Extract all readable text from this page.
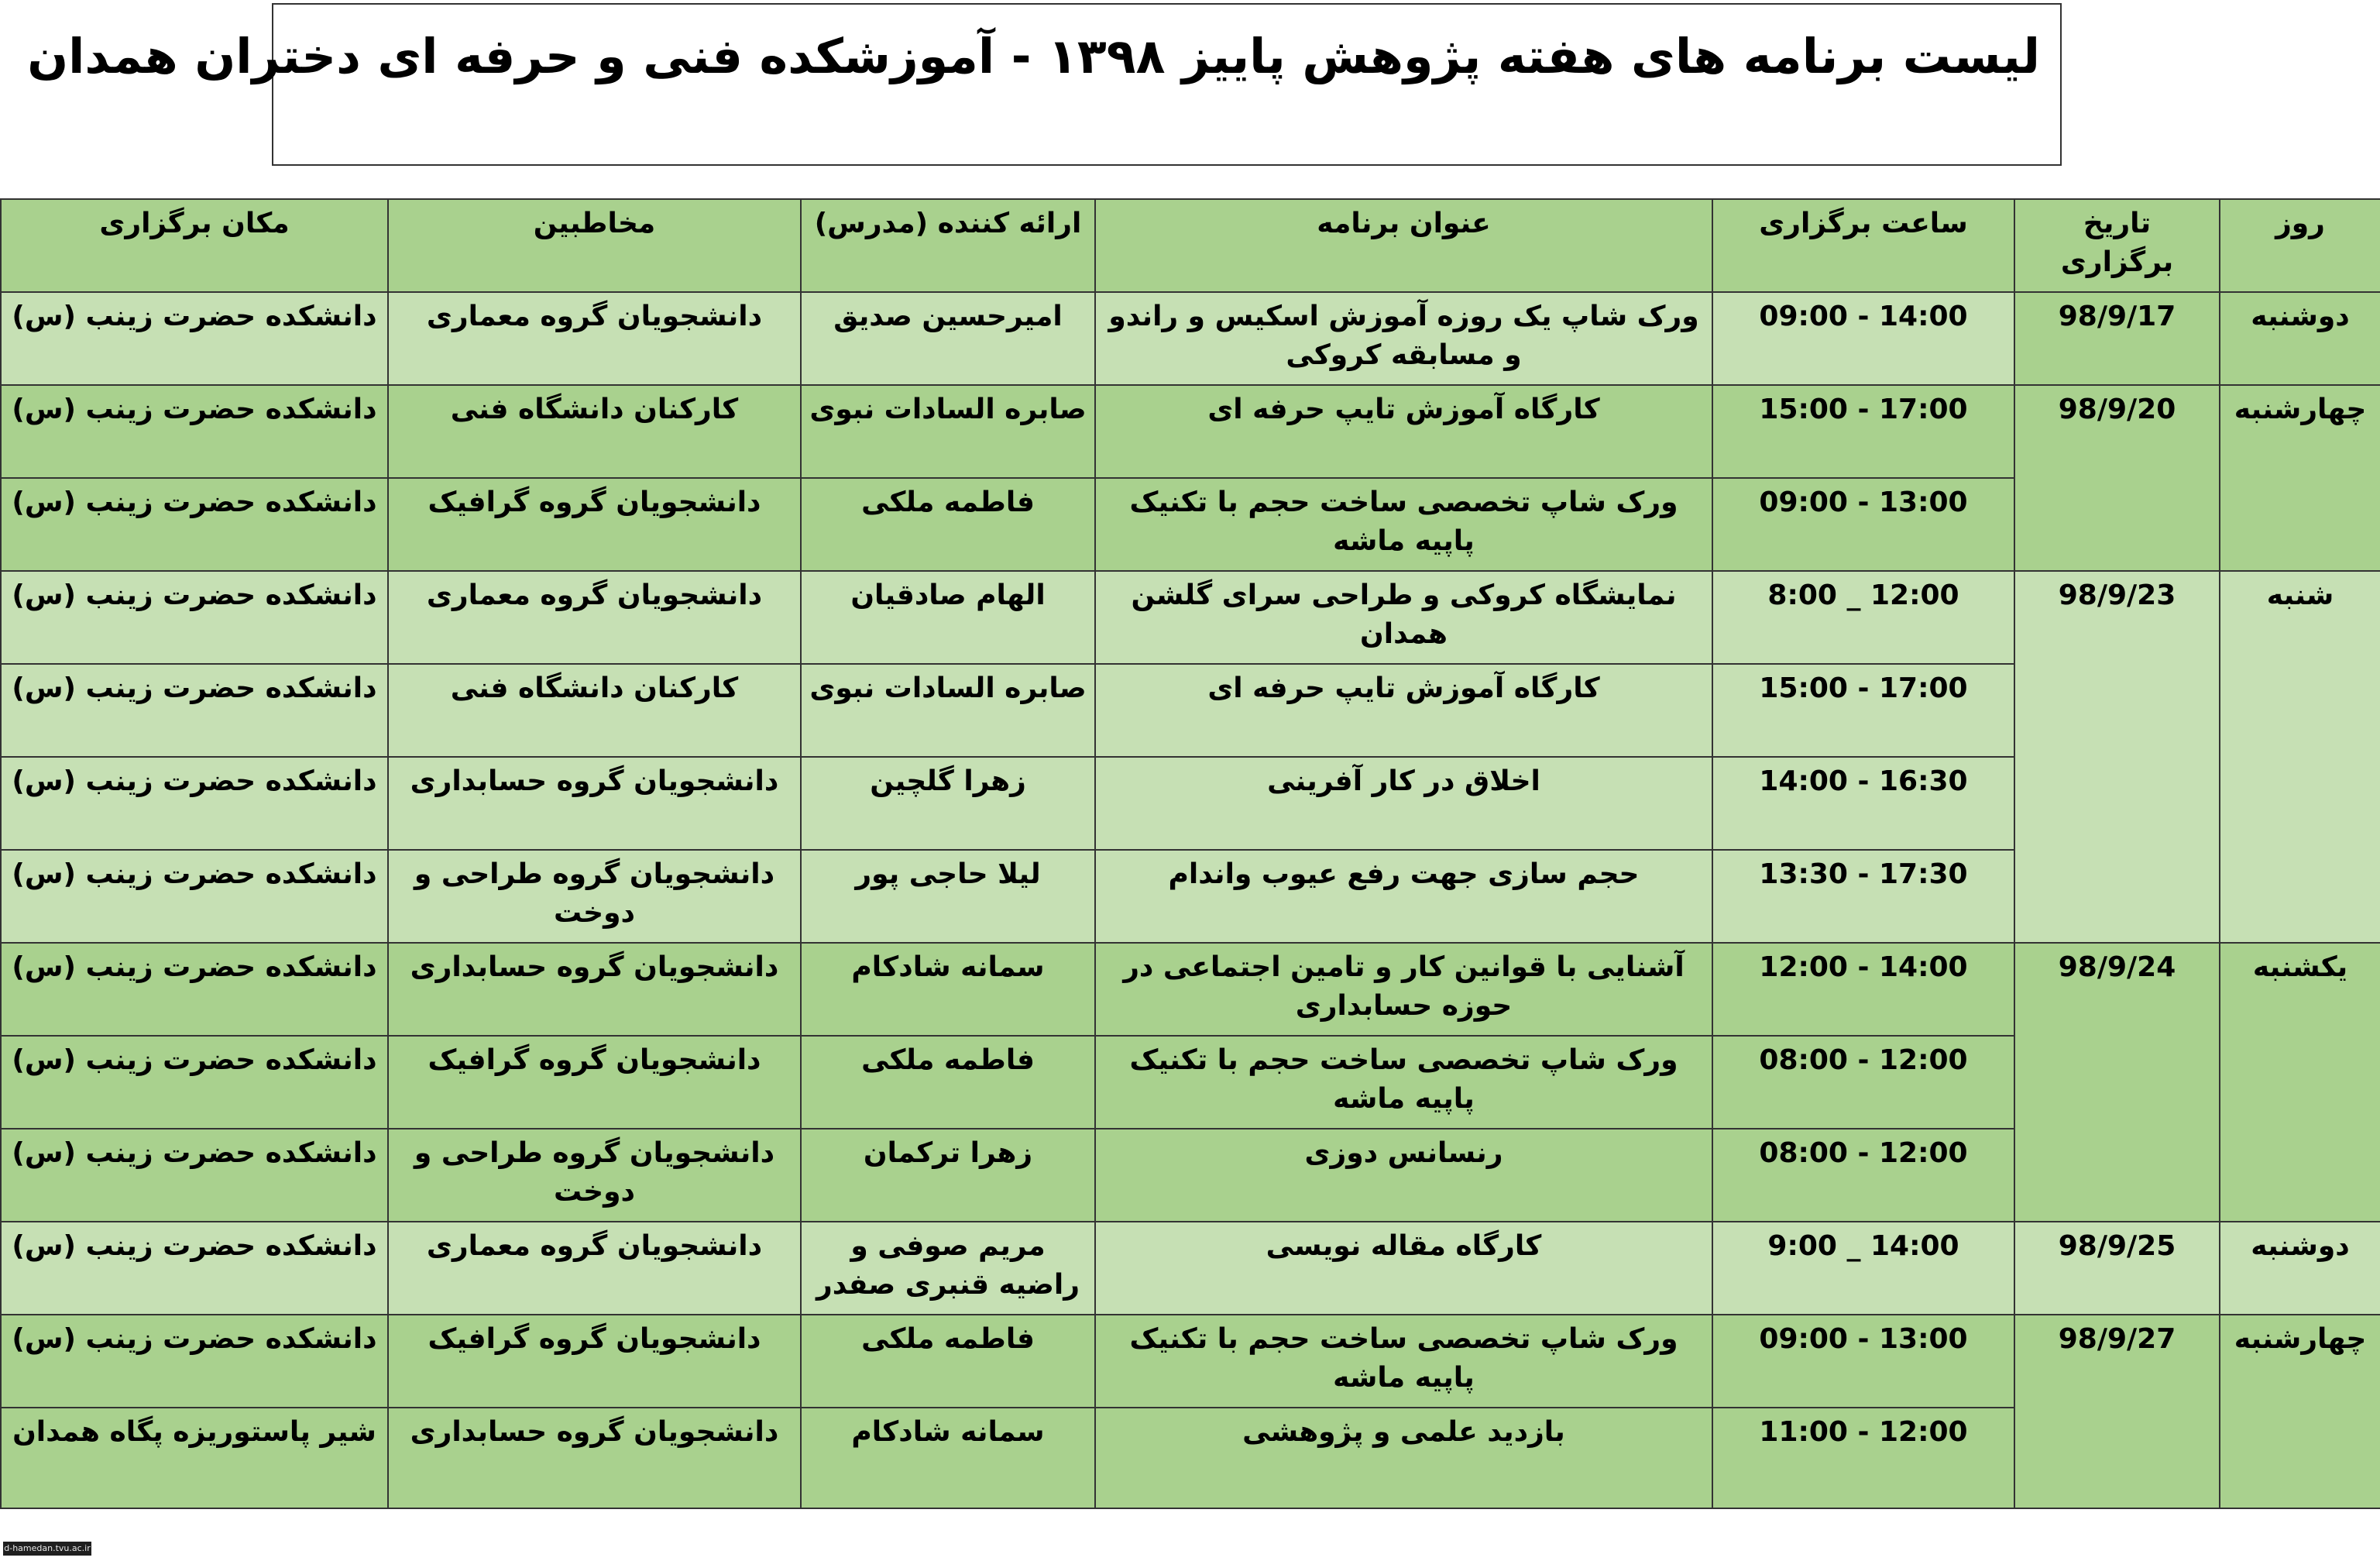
لیست برنامه های هفته پژوهش پاییز ۱۳۹۸ - آموزشکده فنی و حرفه ای دختران همدان
روز	تاریخ برگزاری	ساعت برگزاری	عنوان برنامه	ارائه کننده (مدرس)	مخاطبین	مکان برگزاری
دوشنبه	98/9/17	09:00 - 14:00	ورک شاپ یک روزه آموزش اسکیس و راندو و مسابقه کروکی	امیرحسین صدیق	دانشجویان گروه معماری	دانشکده حضرت زینب (س)
چهارشنبه	98/9/20	15:00 - 17:00	کارگاه آموزش تایپ حرفه ای	صابره السادات نبوی	کارکنان دانشگاه فنی	دانشکده حضرت زینب (س)
		09:00 - 13:00	ورک شاپ تخصصی ساخت حجم با تکنیک پاپیه ماشه	فاطمه ملکی	دانشجویان گروه گرافیک	دانشکده حضرت زینب (س)
شنبه	98/9/23	8:00 _ 12:00	نمایشگاه کروکی و طراحی سرای گلشن همدان	الهام صادقیان	دانشجویان گروه معماری	دانشکده حضرت زینب (س)
		15:00 - 17:00	کارگاه آموزش تایپ حرفه ای	صابره السادات نبوی	کارکنان دانشگاه فنی	دانشکده حضرت زینب (س)
		14:00 - 16:30	اخلاق در کار آفرینی	زهرا گلچین	دانشجویان گروه حسابداری	دانشکده حضرت زینب (س)
		13:30 - 17:30	حجم سازی جهت رفع عیوب واندام	لیلا حاجی پور	دانشجویان گروه طراحی و دوخت	دانشکده حضرت زینب (س)
یکشنبه	98/9/24	12:00 - 14:00	آشنایی با قوانین کار و تامین اجتماعی در حوزه حسابداری	سمانه شادکام	دانشجویان گروه حسابداری	دانشکده حضرت زینب (س)
		08:00 - 12:00	ورک شاپ تخصصی ساخت حجم با تکنیک پاپیه ماشه	فاطمه ملکی	دانشجویان گروه گرافیک	دانشکده حضرت زینب (س)
		08:00 - 12:00	رنسانس دوزی	زهرا ترکمان	دانشجویان گروه طراحی و دوخت	دانشکده حضرت زینب (س)
دوشنبه	98/9/25	9:00 _ 14:00	کارگاه مقاله نویسی	مریم صوفی و راضیه قنبری صفدر	دانشجویان گروه معماری	دانشکده حضرت زینب (س)
چهارشنبه	98/9/27	09:00 - 13:00	ورک شاپ تخصصی ساخت حجم با تکنیک پاپیه ماشه	فاطمه ملکی	دانشجویان گروه گرافیک	دانشکده حضرت زینب (س)
		11:00 - 12:00	بازدید علمی و پژوهشی	سمانه شادکام	دانشجویان گروه حسابداری	شیر پاستوریزه پگاه همدان
d-hamedan.tvu.ac.ir
